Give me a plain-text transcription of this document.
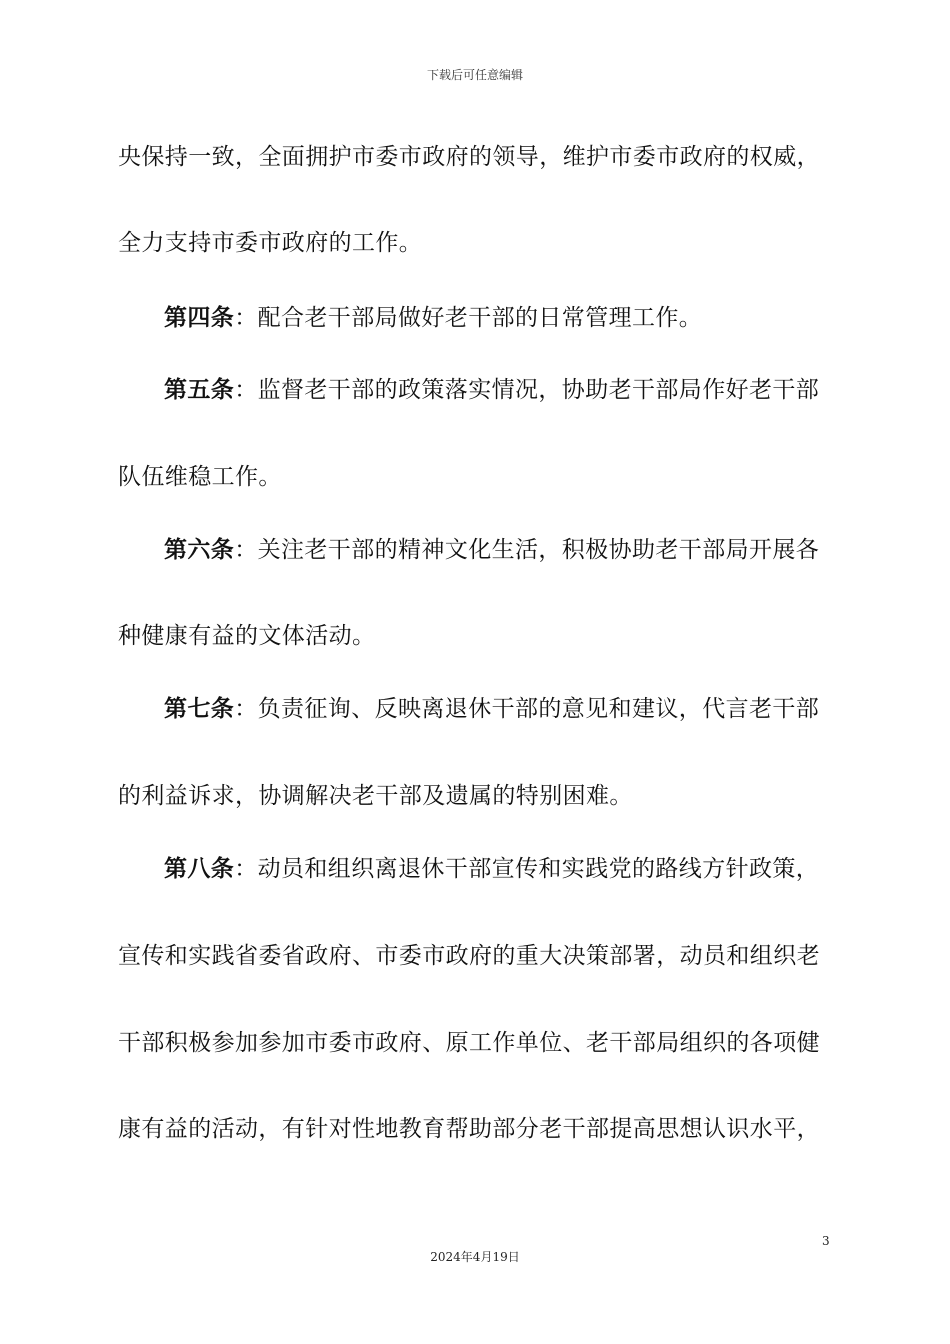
下载后可任意编辑
央保持一致，全面拥护市委市政府的领导，维护市委市政府的权威，
全力支持市委市政府的工作。
第四条：配合老干部局做好老干部的日常管理工作。
第五条：监督老干部的政策落实情况，协助老干部局作好老干部
队伍维稳工作。
第六条：关注老干部的精神文化生活，积极协助老干部局开展各
种健康有益的文体活动。
第七条：负责征询、反映离退休干部的意见和建议，代言老干部
的利益诉求，协调解决老干部及遗属的特别困难。
第八条：动员和组织离退休干部宣传和实践党的路线方针政策，
宣传和实践省委省政府、市委市政府的重大决策部署，动员和组织老
干部积极参加参加市委市政府、原工作单位、老干部局组织的各项健
康有益的活动，有针对性地教育帮助部分老干部提高思想认识水平，
3
2024年4月19日
